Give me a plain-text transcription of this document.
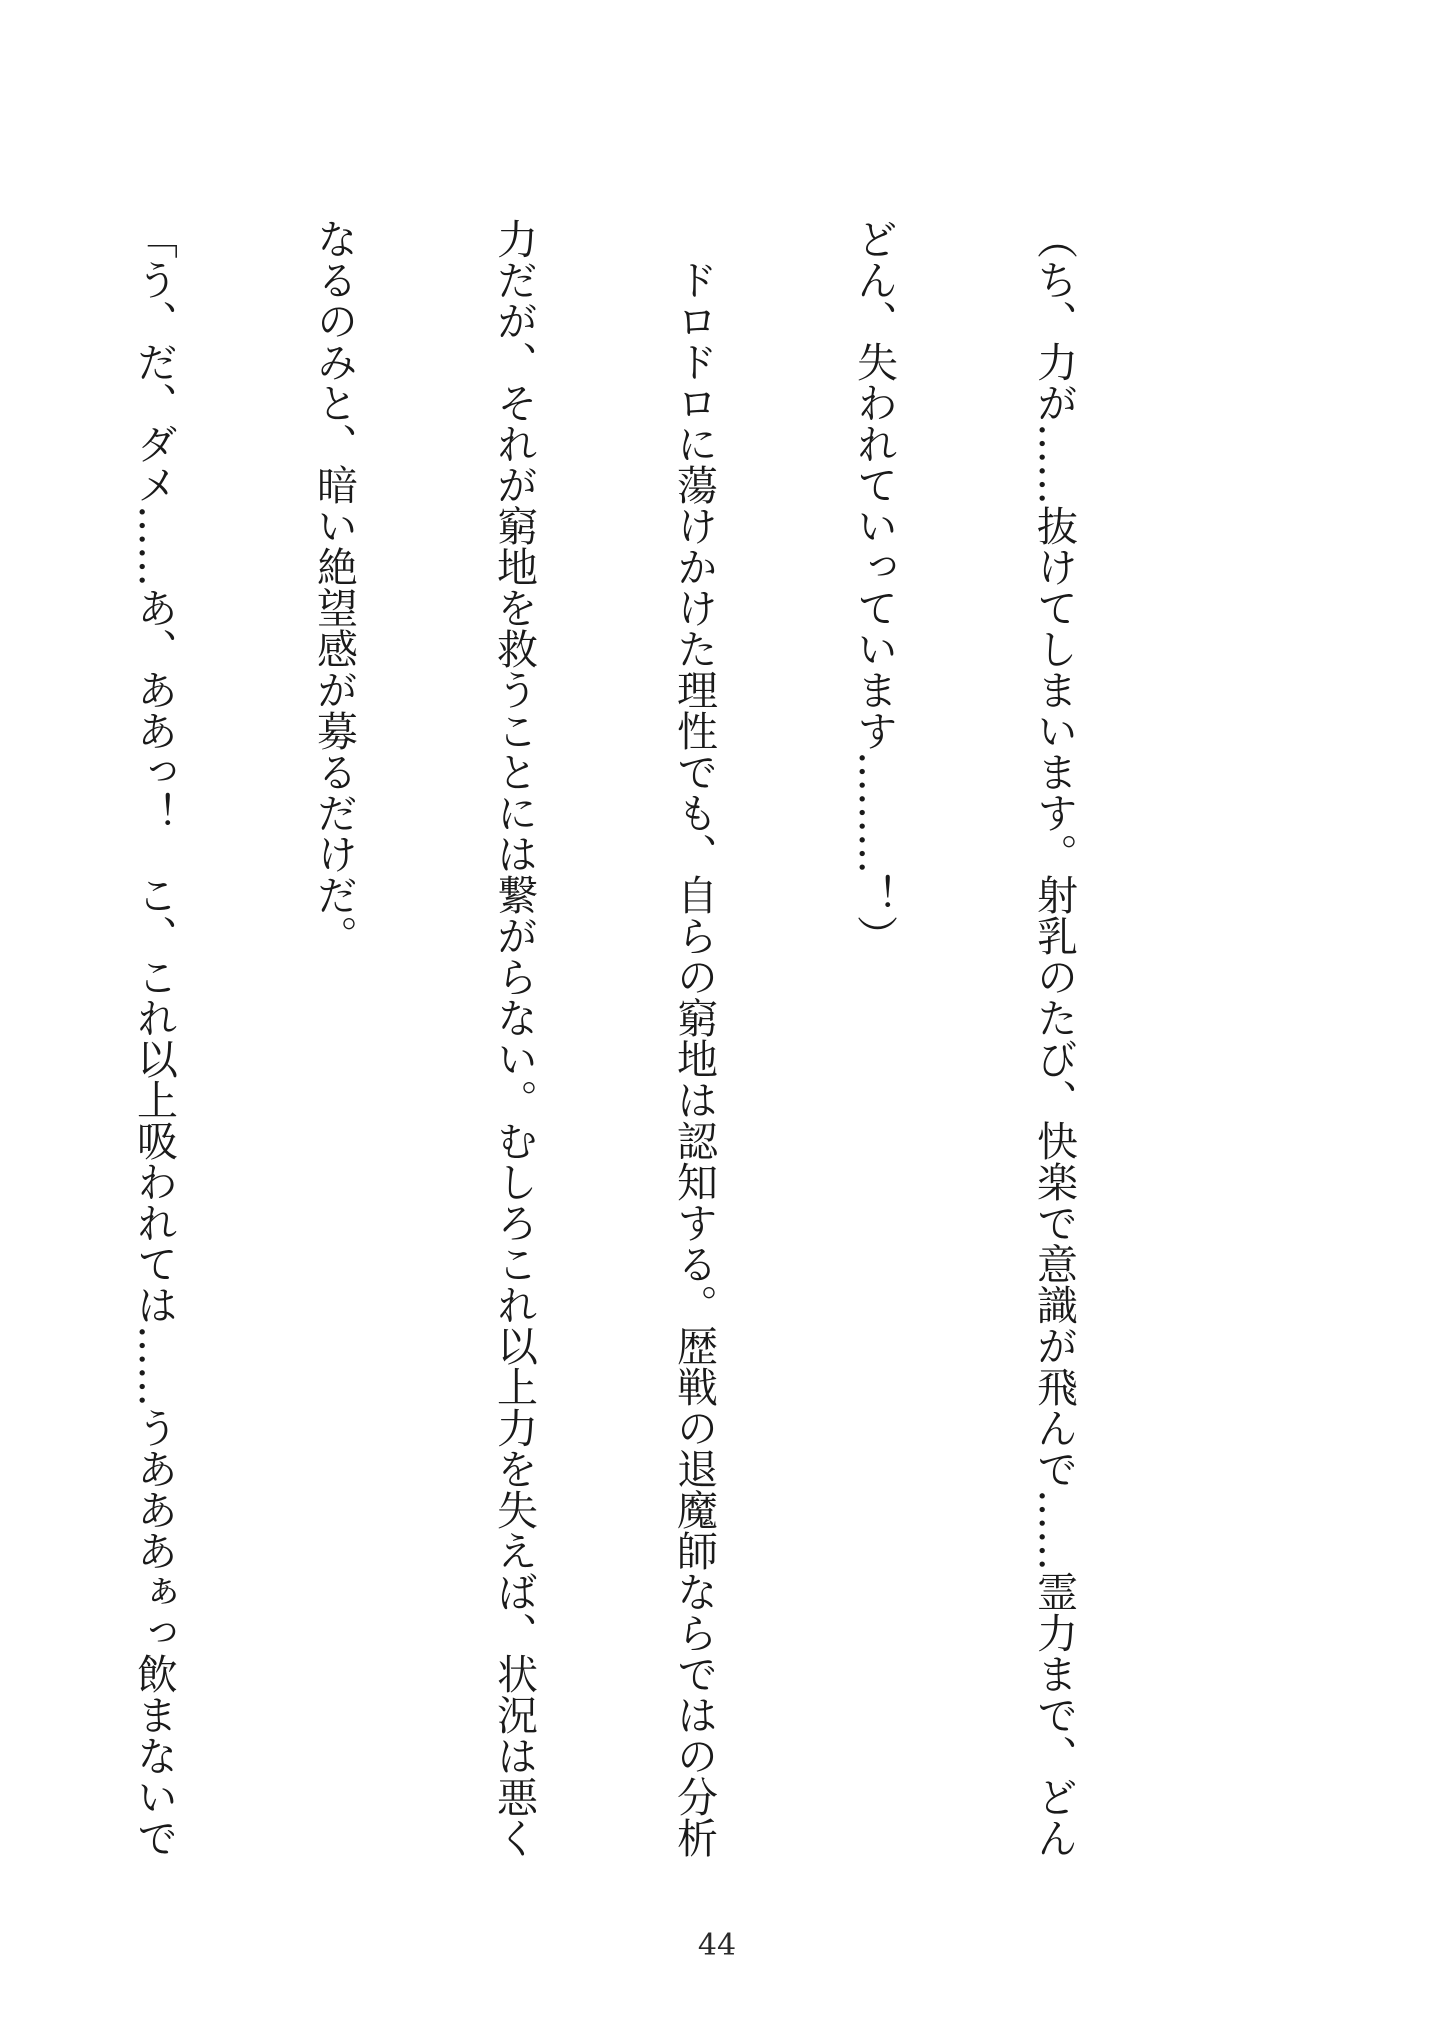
（ち、力が……抜けてしまいます。射乳のたび、快楽で意識が飛んで……霊力まで、どん

どん、失われていっています………！）

　ドロドロに蕩けかけた理性でも、自らの窮地は認知する。歴戦の退魔師ならではの分析

力だが、それが窮地を救うことには繋がらない。むしろこれ以上力を失えば、状況は悪く

なるのみと、暗い絶望感が募るだけだ。

「う、だ、ダメ……あ、ああっ！　こ、これ以上吸われては……うあああぁっ飲まないで

44
